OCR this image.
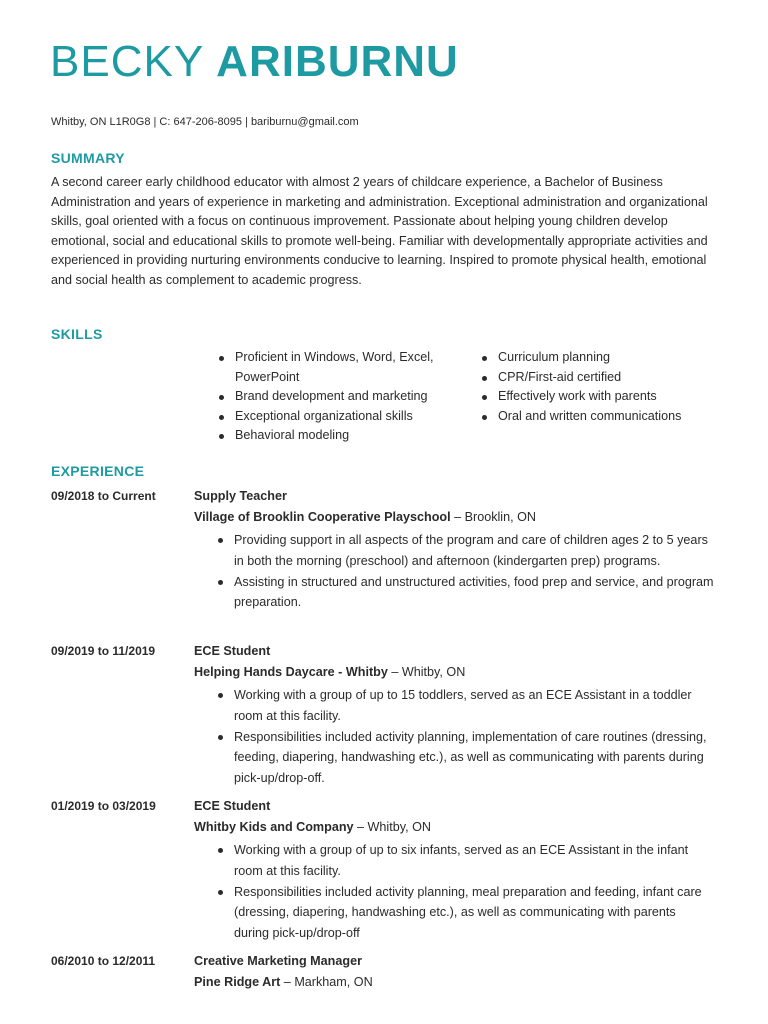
BECKY ARIBURNU
Whitby, ON L1R0G8 | C: 647-206-8095 | bariburnu@gmail.com
SUMMARY
A second career early childhood educator with almost 2 years of childcare experience, a Bachelor of Business Administration and years of experience in marketing and administration. Exceptional administration and organizational skills, goal oriented with a focus on continuous improvement. Passionate about helping young children develop emotional, social and educational skills to promote well-being. Familiar with developmentally appropriate activities and experienced in providing nurturing environments conducive to learning. Inspired to promote physical health, emotional and social health as complement to academic progress.
SKILLS
Proficient in Windows, Word, Excel, PowerPoint
Brand development and marketing
Exceptional organizational skills
Behavioral modeling
Curriculum planning
CPR/First-aid certified
Effectively work with parents
Oral and written communications
EXPERIENCE
09/2018 to Current	Supply Teacher
Village of Brooklin Cooperative Playschool – Brooklin, ON
Providing support in all aspects of the program and care of children ages 2 to 5 years in both the morning (preschool) and afternoon (kindergarten prep) programs.
Assisting in structured and unstructured activities, food prep and service, and program preparation.
09/2019 to 11/2019	ECE Student
Helping Hands Daycare - Whitby – Whitby, ON
Working with a group of up to 15 toddlers, served as an ECE Assistant in a toddler room at this facility.
Responsibilities included activity planning, implementation of care routines (dressing, feeding, diapering, handwashing etc.), as well as communicating with parents during pick-up/drop-off.
01/2019 to 03/2019	ECE Student
Whitby Kids and Company – Whitby, ON
Working with a group of up to six infants, served as an ECE Assistant in the infant room at this facility.
Responsibilities included activity planning, meal preparation and feeding, infant care (dressing, diapering, handwashing etc.), as well as communicating with parents during pick-up/drop-off
06/2010 to 12/2011	Creative Marketing Manager
Pine Ridge Art – Markham, ON
